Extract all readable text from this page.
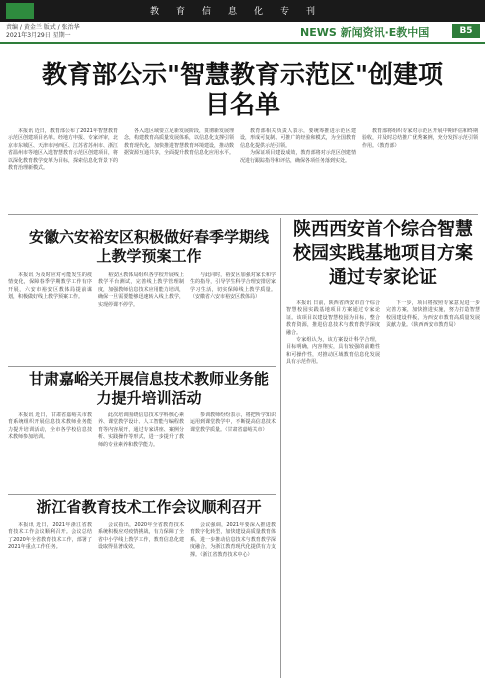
教育信息化专刊
责编 / 黄金兰 版式 / 张治华
2021年3月29日 星期一	NEWS 新闻资讯·E教中国	B5
教育部公示"智慧教育示范区"创建项目名单

本报讯 近日，教育部公布了2021年智慧教育示范区创建项目名单。经地方申报、专家评审，北京市东城区、天津市河西区、江苏省苏州市、浙江省温州市等地区入选智慧教育示范区创建项目，将以深化教育教学变革为目标，探索信息化背景下的教育治理新模式。

各入选区域要立足新发展阶段，贯彻新发展理念，构建教育高质量发展体系，以信息化支撑引领教育现代化，加快推进智慧教育环境建设，推动数据资源互通共享，全面提升教育信息化应用水平。

教育部相关负责人表示，要统筹推进示范区建设，形成可复制、可推广的经验和模式，为全国教育信息化提供示范引领。

为保证项目建设成效，教育部将对示范区创建情况进行跟踪指导和评估，确保各项任务落到实处。

教育部将组织专家对示范区开展中期评估和终期验收，并及时总结推广优秀案例，充分发挥示范引领作用。（教育部）

安徽六安裕安区积极做好春季学期线上教学预案工作

本报讯 为及时应对可能发生的疫情变化，保障春季学期教学工作有序开展，六安市裕安区教体局提前谋划，积极做好线上教学预案工作。

裕安区教体局组织各学校开展线上教学平台测试，完善线上教学管理制度，加强教师信息技术应用能力培训，确保一旦需要能够迅速转入线上教学，实现停课不停学。

与此同时，裕安区加强对家长和学生的指导，引导学生科学合理安排居家学习生活，切实保障线上教学质量。（安徽省六安市裕安区教体局）

甘肃嘉峪关开展信息技术教师业务能力提升培训活动

本报讯 近日，甘肃省嘉峪关市教育系统组织开展信息技术教师业务能力提升培训活动，全市各学校信息技术教师参加培训。

此次培训围绕信息技术学科核心素养、课堂教学设计、人工智能与编程教育等内容展开，通过专家讲座、案例分析、实践操作等形式，进一步提升了教师的专业素养和教学能力。

参训教师纷纷表示，将把所学知识运用到课堂教学中，不断提高信息技术课堂教学质量。（甘肃省嘉峪关市）

浙江省教育技术工作会议顺利召开

本报讯 近日，2021年浙江省教育技术工作会议顺利召开。会议总结了2020年全省教育技术工作，部署了2021年重点工作任务。

会议指出，2020年全省教育技术系统积极应对疫情挑战，有力保障了全省中小学线上教学工作，教育信息化建设取得显著成效。

会议强调，2021年要深入推进教育数字化转型，加快建设高质量教育体系，进一步推动信息技术与教育教学深度融合，为浙江教育现代化提供有力支撑。（浙江省教育技术中心）

陕西西安首个综合智慧校园实践基地项目方案通过专家论证

本报讯 日前，陕西省西安市首个综合智慧校园实践基地项目方案通过专家论证。该项目以建设智慧校园为目标，整合教育资源，推进信息技术与教育教学深度融合。

专家组认为，该方案设计科学合理，目标明确，内容翔实，具有较强的前瞻性和可操作性，对推动区域教育信息化发展具有示范作用。

下一步，项目将按照专家意见进一步完善方案，加快推进实施，努力打造智慧校园建设样板，为西安市教育高质量发展贡献力量。（陕西西安市教育局）
